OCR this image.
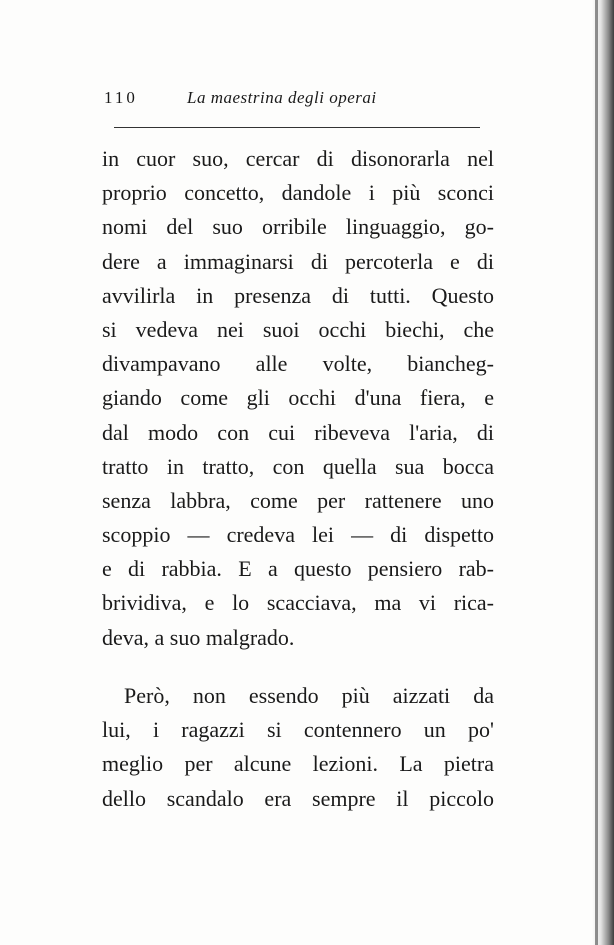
110	La maestrina degli operai
in cuor suo, cercar di disonorarla nel
proprio concetto, dandole i più sconci
nomi del suo orribile linguaggio, go-
dere a immaginarsi di percoterla e di
avvilirla in presenza di tutti. Questo
si vedeva nei suoi occhi biechi, che
divampavano alle volte, biancheg-
giando come gli occhi d'una fiera, e
dal modo con cui ribeveva l'aria, di
tratto in tratto, con quella sua bocca
senza labbra, come per rattenere uno
scoppio — credeva lei — di dispetto
e di rabbia. E a questo pensiero rab-
brividiva, e lo scacciava, ma vi rica-
deva, a suo malgrado.
Però, non essendo più aizzati da
lui, i ragazzi si contennero un po'
meglio per alcune lezioni. La pietra
dello scandalo era sempre il piccolo
